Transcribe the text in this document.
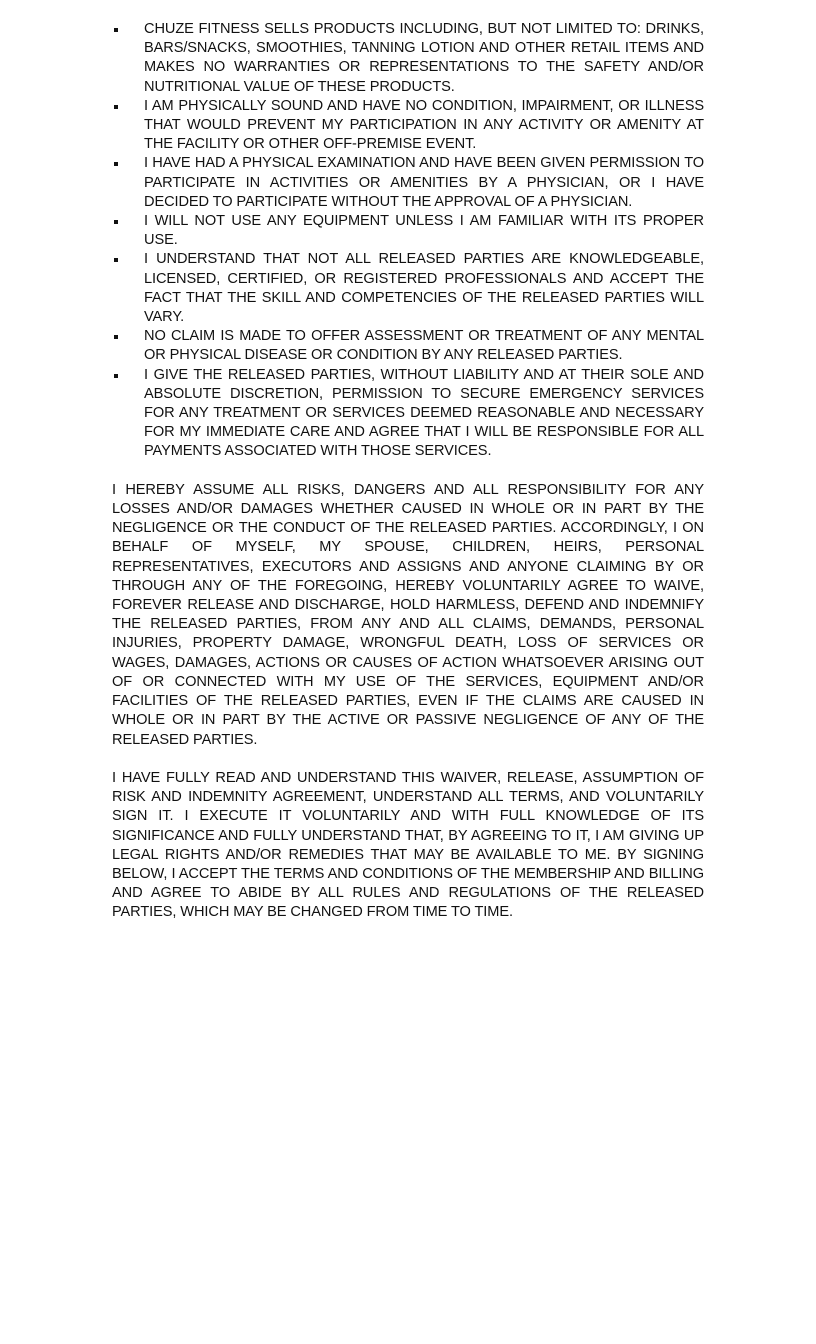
CHUZE FITNESS SELLS PRODUCTS INCLUDING, BUT NOT LIMITED TO: DRINKS, BARS/SNACKS, SMOOTHIES, TANNING LOTION AND OTHER RETAIL ITEMS AND MAKES NO WARRANTIES OR REPRESENTATIONS TO THE SAFETY AND/OR NUTRITIONAL VALUE OF THESE PRODUCTS.
I AM PHYSICALLY SOUND AND HAVE NO CONDITION, IMPAIRMENT, OR ILLNESS THAT WOULD PREVENT MY PARTICIPATION IN ANY ACTIVITY OR AMENITY AT THE FACILITY OR OTHER OFF-PREMISE EVENT.
I HAVE HAD A PHYSICAL EXAMINATION AND HAVE BEEN GIVEN PERMISSION TO PARTICIPATE IN ACTIVITIES OR AMENITIES BY A PHYSICIAN, OR I HAVE DECIDED TO PARTICIPATE WITHOUT THE APPROVAL OF A PHYSICIAN.
I WILL NOT USE ANY EQUIPMENT UNLESS I AM FAMILIAR WITH ITS PROPER USE.
I UNDERSTAND THAT NOT ALL RELEASED PARTIES ARE KNOWLEDGEABLE, LICENSED, CERTIFIED, OR REGISTERED PROFESSIONALS AND ACCEPT THE FACT THAT THE SKILL AND COMPETENCIES OF THE RELEASED PARTIES WILL VARY.
NO CLAIM IS MADE TO OFFER ASSESSMENT OR TREATMENT OF ANY MENTAL OR PHYSICAL DISEASE OR CONDITION BY ANY RELEASED PARTIES.
I GIVE THE RELEASED PARTIES, WITHOUT LIABILITY AND AT THEIR SOLE AND ABSOLUTE DISCRETION, PERMISSION TO SECURE EMERGENCY SERVICES FOR ANY TREATMENT OR SERVICES DEEMED REASONABLE AND NECESSARY FOR MY IMMEDIATE CARE AND AGREE THAT I WILL BE RESPONSIBLE FOR ALL PAYMENTS ASSOCIATED WITH THOSE SERVICES.

I HEREBY ASSUME ALL RISKS, DANGERS AND ALL RESPONSIBILITY FOR ANY LOSSES AND/OR DAMAGES WHETHER CAUSED IN WHOLE OR IN PART BY THE NEGLIGENCE OR THE CONDUCT OF THE RELEASED PARTIES. ACCORDINGLY, I ON BEHALF OF MYSELF, MY SPOUSE, CHILDREN, HEIRS, PERSONAL REPRESENTATIVES, EXECUTORS AND ASSIGNS AND ANYONE CLAIMING BY OR THROUGH ANY OF THE FOREGOING, HEREBY VOLUNTARILY AGREE TO WAIVE, FOREVER RELEASE AND DISCHARGE, HOLD HARMLESS, DEFEND AND INDEMNIFY THE RELEASED PARTIES, FROM ANY AND ALL CLAIMS, DEMANDS, PERSONAL INJURIES, PROPERTY DAMAGE, WRONGFUL DEATH, LOSS OF SERVICES OR WAGES, DAMAGES, ACTIONS OR CAUSES OF ACTION WHATSOEVER ARISING OUT OF OR CONNECTED WITH MY USE OF THE SERVICES, EQUIPMENT AND/OR FACILITIES OF THE RELEASED PARTIES, EVEN IF THE CLAIMS ARE CAUSED IN WHOLE OR IN PART BY THE ACTIVE OR PASSIVE NEGLIGENCE OF ANY OF THE RELEASED PARTIES.

I HAVE FULLY READ AND UNDERSTAND THIS WAIVER, RELEASE, ASSUMPTION OF RISK AND INDEMNITY AGREEMENT, UNDERSTAND ALL TERMS, AND VOLUNTARILY SIGN IT. I EXECUTE IT VOLUNTARILY AND WITH FULL KNOWLEDGE OF ITS SIGNIFICANCE AND FULLY UNDERSTAND THAT, BY AGREEING TO IT, I AM GIVING UP LEGAL RIGHTS AND/OR REMEDIES THAT MAY BE AVAILABLE TO ME. BY SIGNING BELOW, I ACCEPT THE TERMS AND CONDITIONS OF THE MEMBERSHIP AND BILLING AND AGREE TO ABIDE BY ALL RULES AND REGULATIONS OF THE RELEASED PARTIES, WHICH MAY BE CHANGED FROM TIME TO TIME.
